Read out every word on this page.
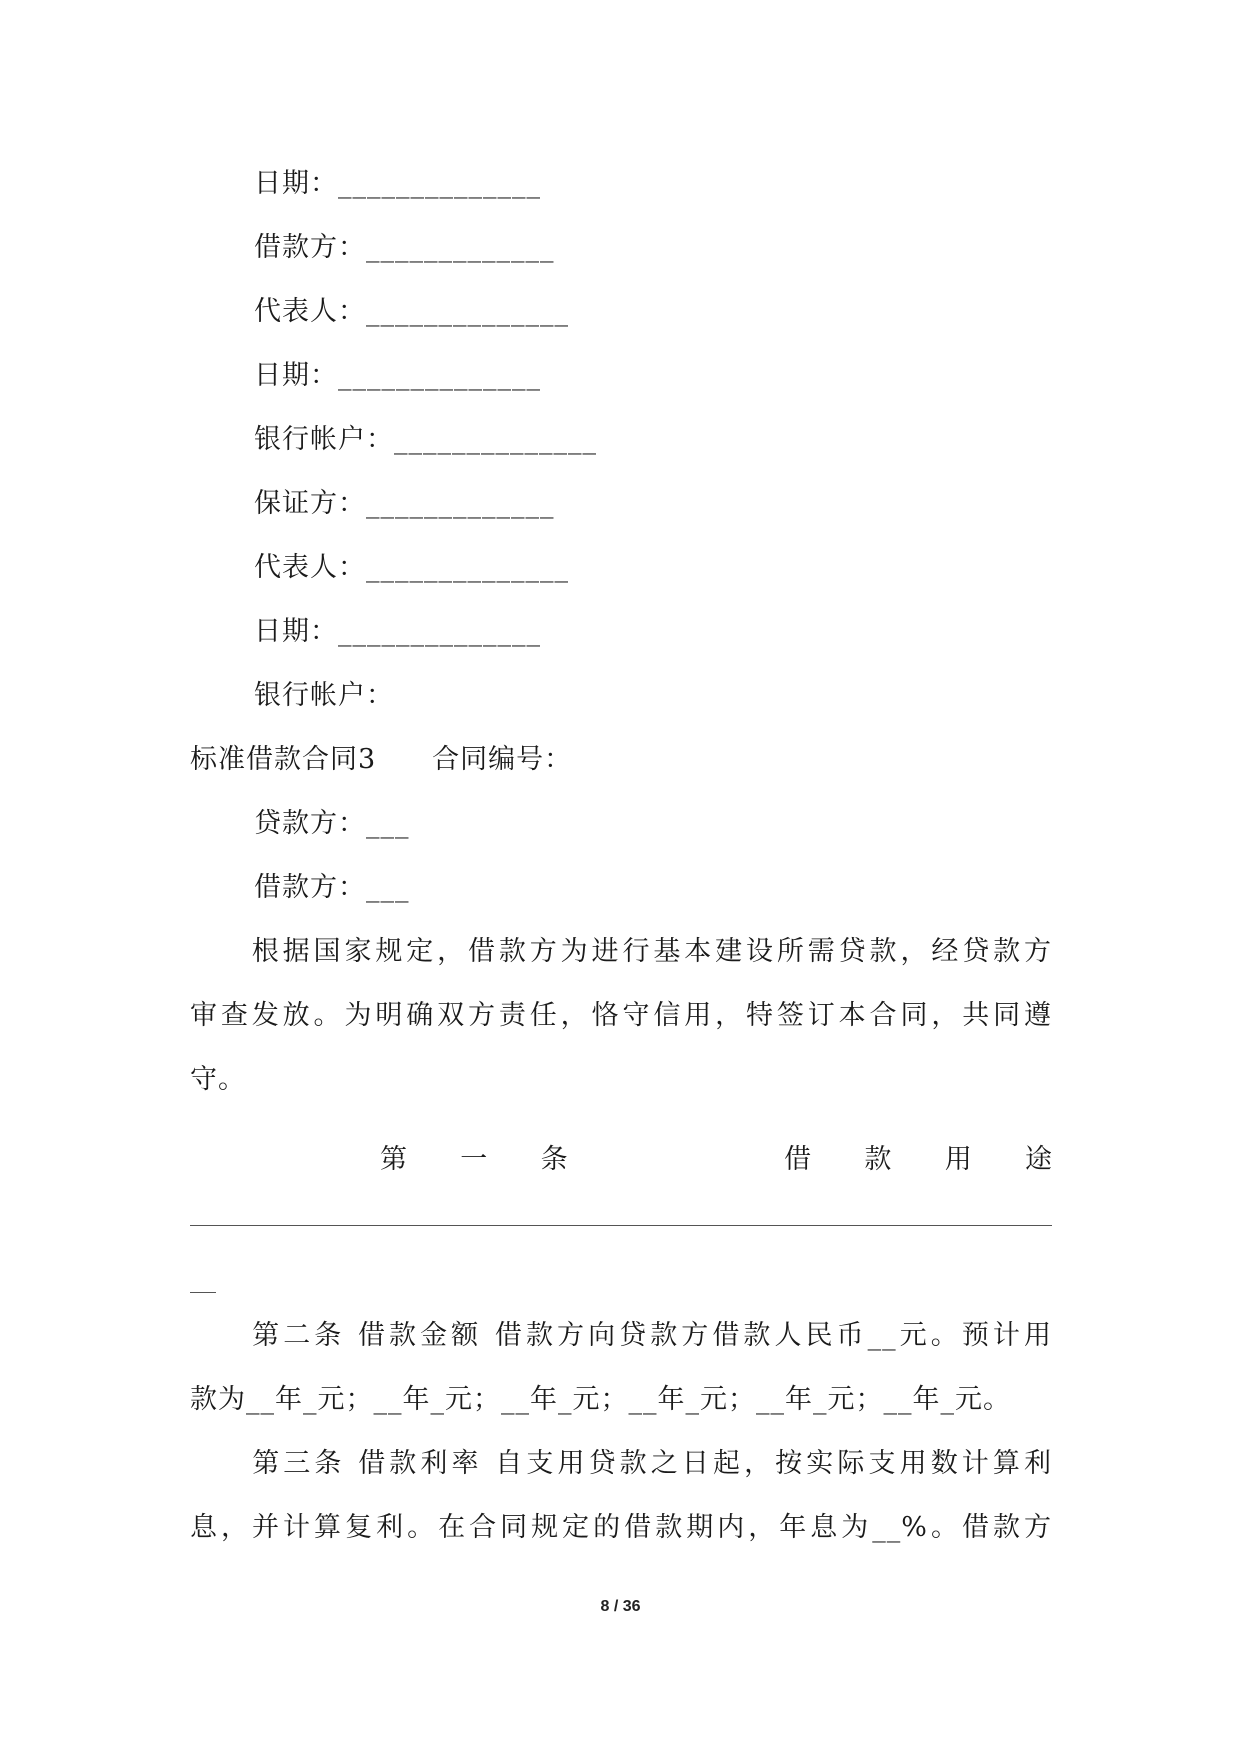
日期：______________
借款方：_____________
代表人：______________
日期：______________
银行帐户：______________
保证方：_____________
代表人：______________
日期：______________
银行帐户：
标准借款合同3　　合同编号：
贷款方：___
借款方：___
　　根据国家规定，借款方为进行基本建设所需贷款，经贷款方
审查发放。为明确双方责任，恪守信用，特签订本合同，共同遵
守。
第 一 条	借 款 用 途
　　第二条 借款金额 借款方向贷款方借款人民币__元。预计用
款为__年_元；__年_元；__年_元；__年_元；__年_元；__年_元。
　　第三条 借款利率 自支用贷款之日起，按实际支用数计算利
息，并计算复利。在合同规定的借款期内，年息为__%。借款方
8 / 36
